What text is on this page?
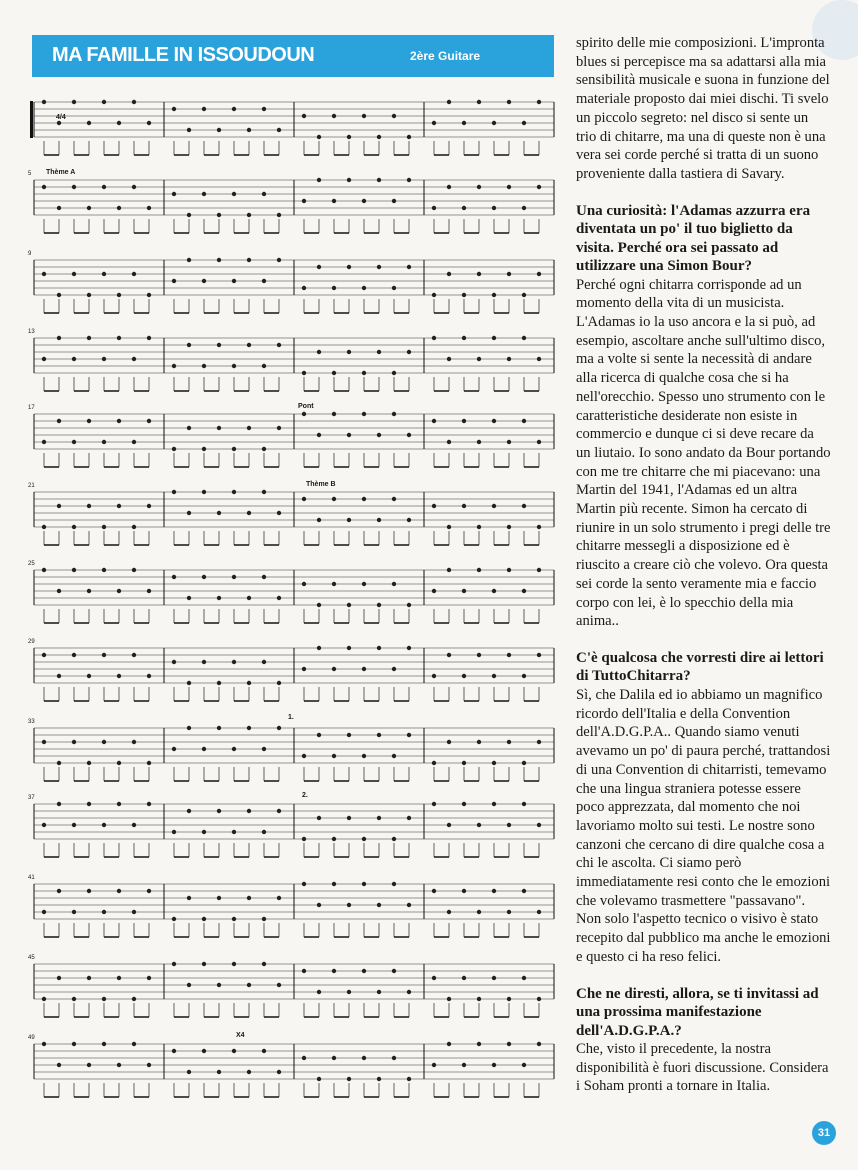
MA FAMILLE IN ISSOUDOUN	2ère Guitare
5
9
13
17
21
25
29
33
37
41
45
49
Thème A
Pont
Thème B
1.
2.
X4
4/4

spirito delle mie composizioni. L'impronta blues si percepisce ma sa adattarsi alla mia sensibilità musicale e suona in funzione del materiale proposto dai miei dischi. Ti svelo un piccolo segreto: nel disco si sente un trio di chitarre, ma una di queste non è una vera sei corde perché si tratta di un suono proveniente dalla tastiera di Savary.

Una curiosità: l'Adamas azzurra era diventata un po' il tuo biglietto da visita. Perché ora sei passato ad utilizzare una Simon Bour?

Perché ogni chitarra corrisponde ad un momento della vita di un musicista. L'Adamas io la uso ancora e la si può, ad esempio, ascoltare anche sull'ultimo disco, ma a volte si sente la necessità di andare alla ricerca di qualche cosa che si ha nell'orecchio. Spesso uno strumento con le caratteristiche desiderate non esiste in commercio e dunque ci si deve recare da un liutaio. Io sono andato da Bour portando con me tre chitarre che mi piacevano: una Martin del 1941, l'Adamas ed un altra Martin più recente. Simon ha cercato di riunire in un solo strumento i pregi delle tre chitarre messegli a disposizione ed è riuscito a creare ciò che volevo. Ora questa sei corde la sento veramente mia e faccio corpo con lei, è lo specchio della mia anima..

C'è qualcosa che vorresti dire ai lettori di TuttoChitarra?

Sì, che Dalila ed io abbiamo un magnifico ricordo dell'Italia e della Convention dell'A.D.G.P.A.. Quando siamo venuti avevamo un po' di paura perché, trattandosi di una Convention di chitarristi, temevamo che una lingua straniera potesse essere poco apprezzata, dal momento che noi lavoriamo molto sui testi. Le nostre sono canzoni che cercano di dire qualche cosa a chi le ascolta. Ci siamo però immediatamente resi conto che le emozioni che volevamo trasmettere "passavano". Non solo l'aspetto tecnico o visivo è stato recepito dal pubblico ma anche le emozioni e questo ci ha reso felici.

Che ne diresti, allora, se ti invitassi ad una prossima manifestazione dell'A.D.G.P.A.?

Che, visto il precedente, la nostra disponibilità è fuori discussione. Considera i Soham pronti a tornare in Italia.

31
